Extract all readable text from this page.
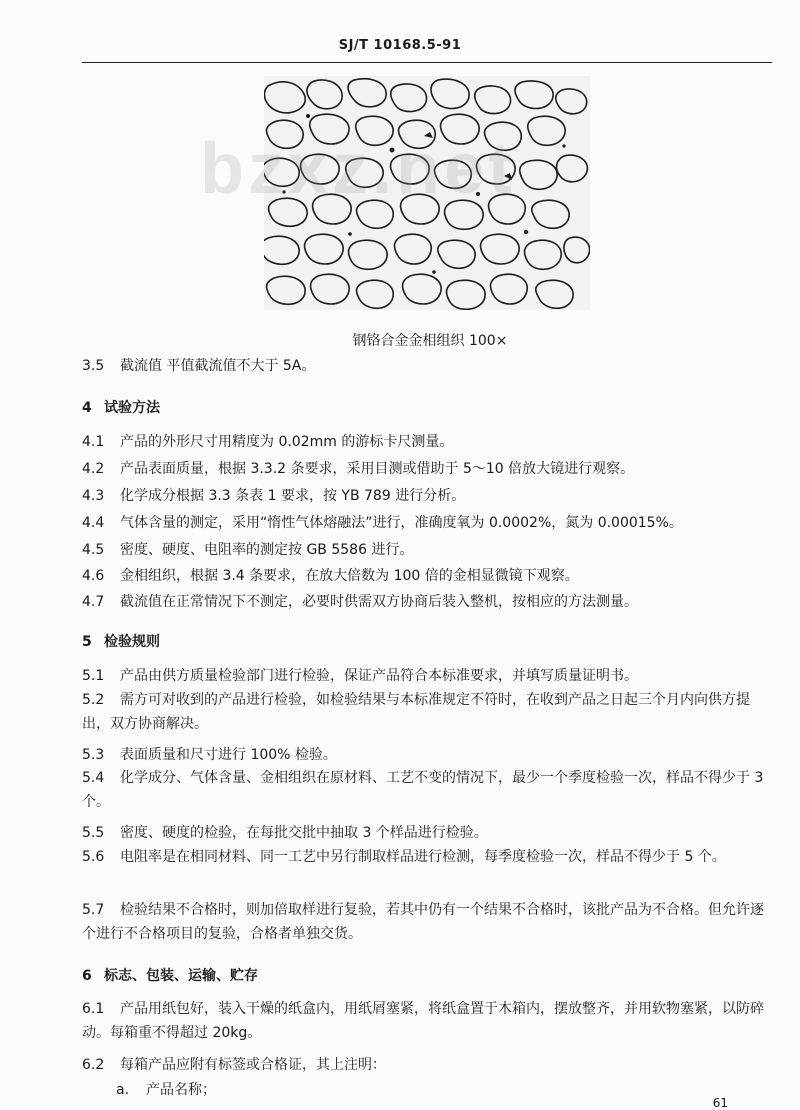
SJ/T 10168.5-91
bzxz.net
钢铬合金金相组织 100×
3.5 截流值 平值截流值不大于 5A。
4 试验方法
4.1 产品的外形尺寸用精度为 0.02mm 的游标卡尺测量。
4.2 产品表面质量，根据 3.3.2 条要求，采用目测或借助于 5～10 倍放大镜进行观察。
4.3 化学成分根据 3.3 条表 1 要求，按 YB 789 进行分析。
4.4 气体含量的测定，采用“惰性气体熔融法”进行，准确度氧为 0.0002%，氮为 0.00015%。
4.5 密度、硬度、电阻率的测定按 GB 5586 进行。
4.6 金相组织，根据 3.4 条要求，在放大倍数为 100 倍的金相显微镜下观察。
4.7 截流值在正常情况下不测定，必要时供需双方协商后装入整机，按相应的方法测量。
5 检验规则
5.1 产品由供方质量检验部门进行检验，保证产品符合本标准要求，并填写质量证明书。
5.2 需方可对收到的产品进行检验，如检验结果与本标准规定不符时，在收到产品之日起三个月内向供方提出，双方协商解决。
5.3 表面质量和尺寸进行 100% 检验。
5.4 化学成分、气体含量、金相组织在原材料、工艺不变的情况下，最少一个季度检验一次，样品不得少于 3 个。
5.5 密度、硬度的检验，在每批交批中抽取 3 个样品进行检验。
5.6 电阻率是在相同材料、同一工艺中另行制取样品进行检测，每季度检验一次，样品不得少于 5 个。
5.7 检验结果不合格时，则加倍取样进行复验，若其中仍有一个结果不合格时，该批产品为不合格。但允许逐个进行不合格项目的复验，合格者单独交货。
6 标志、包装、运输、贮存
6.1 产品用纸包好，装入干燥的纸盒内，用纸屑塞紧，将纸盒置于木箱内，摆放整齐，并用软物塞紧，以防碎动。每箱重不得超过 20kg。
6.2 每箱产品应附有标签或合格证，其上注明：
a. 产品名称；
61
